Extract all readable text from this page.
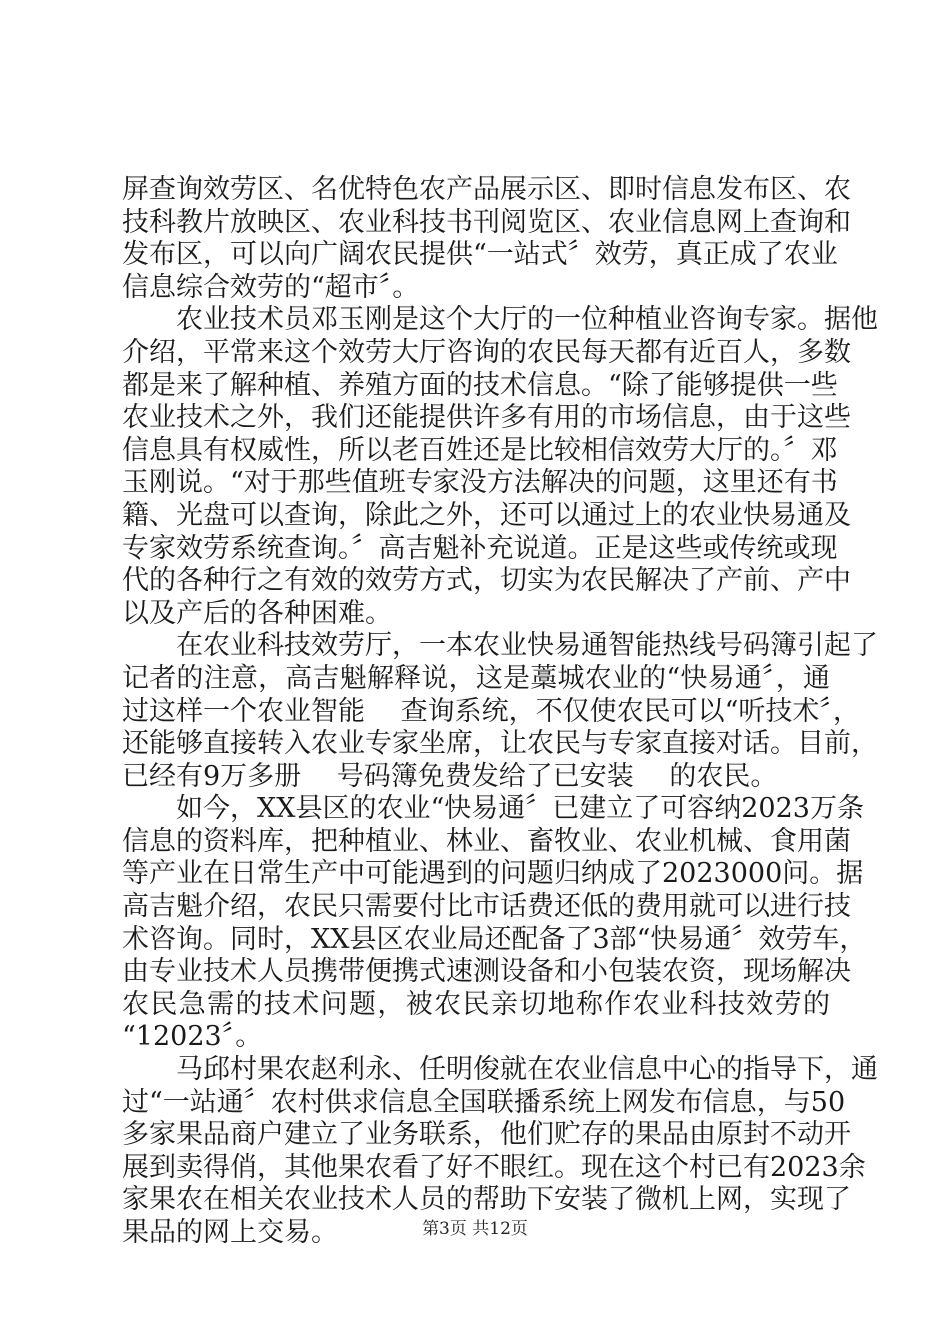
屏查询效劳区、名优特色农产品展示区、即时信息发布区、农
技科教片放映区、农业科技书刊阅览区、农业信息网上查询和
发布区，可以向广阔农民提供“一站式〞效劳，真正成了农业
信息综合效劳的“超市〞。
　　农业技术员邓玉刚是这个大厅的一位种植业咨询专家。据他
介绍，平常来这个效劳大厅咨询的农民每天都有近百人，多数
都是来了解种植、养殖方面的技术信息。“除了能够提供一些
农业技术之外，我们还能提供许多有用的市场信息，由于这些
信息具有权威性，所以老百姓还是比较相信效劳大厅的。〞邓
玉刚说。“对于那些值班专家没方法解决的问题，这里还有书
籍、光盘可以查询，除此之外，还可以通过上的农业快易通及
专家效劳系统查询。〞高吉魁补充说道。正是这些或传统或现
代的各种行之有效的效劳方式，切实为农民解决了产前、产中
以及产后的各种困难。
　　在农业科技效劳厅，一本农业快易通智能热线号码簿引起了
记者的注意，高吉魁解释说，这是藁城农业的“快易通〞，通
过这样一个农业智能　 查询系统，不仅使农民可以“听技术〞，
还能够直接转入农业专家坐席，让农民与专家直接对话。目前，
已经有9万多册　 号码簿免费发给了已安装　 的农民。
　　如今，XX县区的农业“快易通〞已建立了可容纳2023万条
信息的资料库，把种植业、林业、畜牧业、农业机械、食用菌
等产业在日常生产中可能遇到的问题归纳成了2023000问。据
高吉魁介绍，农民只需要付比市话费还低的费用就可以进行技
术咨询。同时，XX县区农业局还配备了3部“快易通〞效劳车，
由专业技术人员携带便携式速测设备和小包装农资，现场解决
农民急需的技术问题，被农民亲切地称作农业科技效劳的
“12023〞。
　　马邱村果农赵利永、任明俊就在农业信息中心的指导下，通
过“一站通〞农村供求信息全国联播系统上网发布信息，与50
多家果品商户建立了业务联系，他们贮存的果品由原封不动开
展到卖得俏，其他果农看了好不眼红。现在这个村已有2023余
家果农在相关农业技术人员的帮助下安装了微机上网，实现了
果品的网上交易。	第3页 共12页
